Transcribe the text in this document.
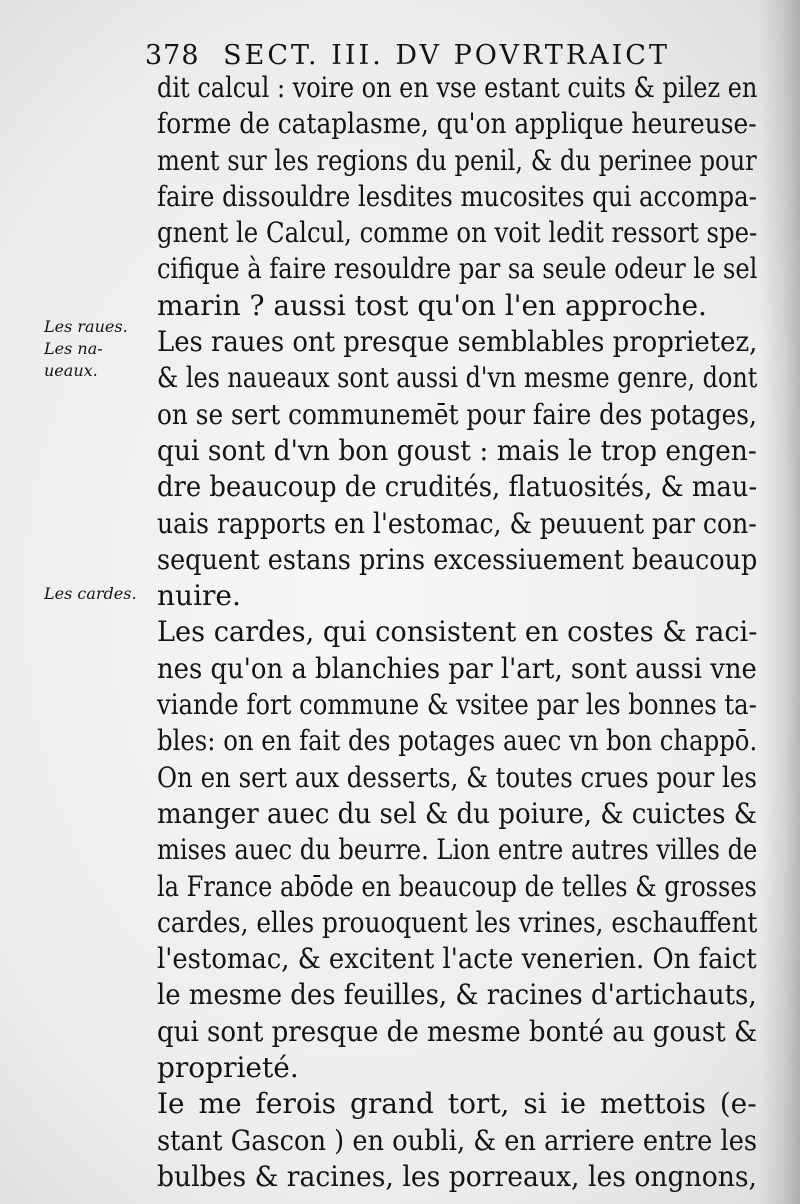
378 SECT. III. DV POVRTRAICT
Les raues.
Les na-
ueaux.
Les cardes.
dit calcul : voire on en vse estant cuits & pilez en
forme de cataplasme, qu'on applique heureuse-
ment sur les regions du penil, & du perinee pour
faire dissouldre lesdites mucosites qui accompa-
gnent le Calcul, comme on voit ledit ressort spe-
cifique à faire resouldre par sa seule odeur le sel
marin ? aussi tost qu'on l'en approche.
Les raues ont presque semblables proprietez,
& les naueaux sont aussi d'vn mesme genre, dont
on se sert communemēt pour faire des potages,
qui sont d'vn bon goust : mais le trop engen-
dre beaucoup de crudités, flatuosités, & mau-
uais rapports en l'estomac, & peuuent par con-
sequent estans prins excessiuement beaucoup
nuire.
Les cardes, qui consistent en costes & raci-
nes qu'on a blanchies par l'art, sont aussi vne
viande fort commune & vsitee par les bonnes ta-
bles: on en fait des potages auec vn bon chappō.
On en sert aux desserts, & toutes crues pour les
manger auec du sel & du poiure, & cuictes &
mises auec du beurre. Lion entre autres villes de
la France abōde en beaucoup de telles & grosses
cardes, elles prouoquent les vrines, eschauffent
l'estomac, & excitent l'acte venerien. On faict
le mesme des feuilles, & racines d'artichauts,
qui sont presque de mesme bonté au goust &
proprieté.
Ie me ferois grand tort, si ie mettois (e-
stant Gascon ) en oubli, & en arriere entre les
bulbes & racines, les porreaux, les ongnons,
